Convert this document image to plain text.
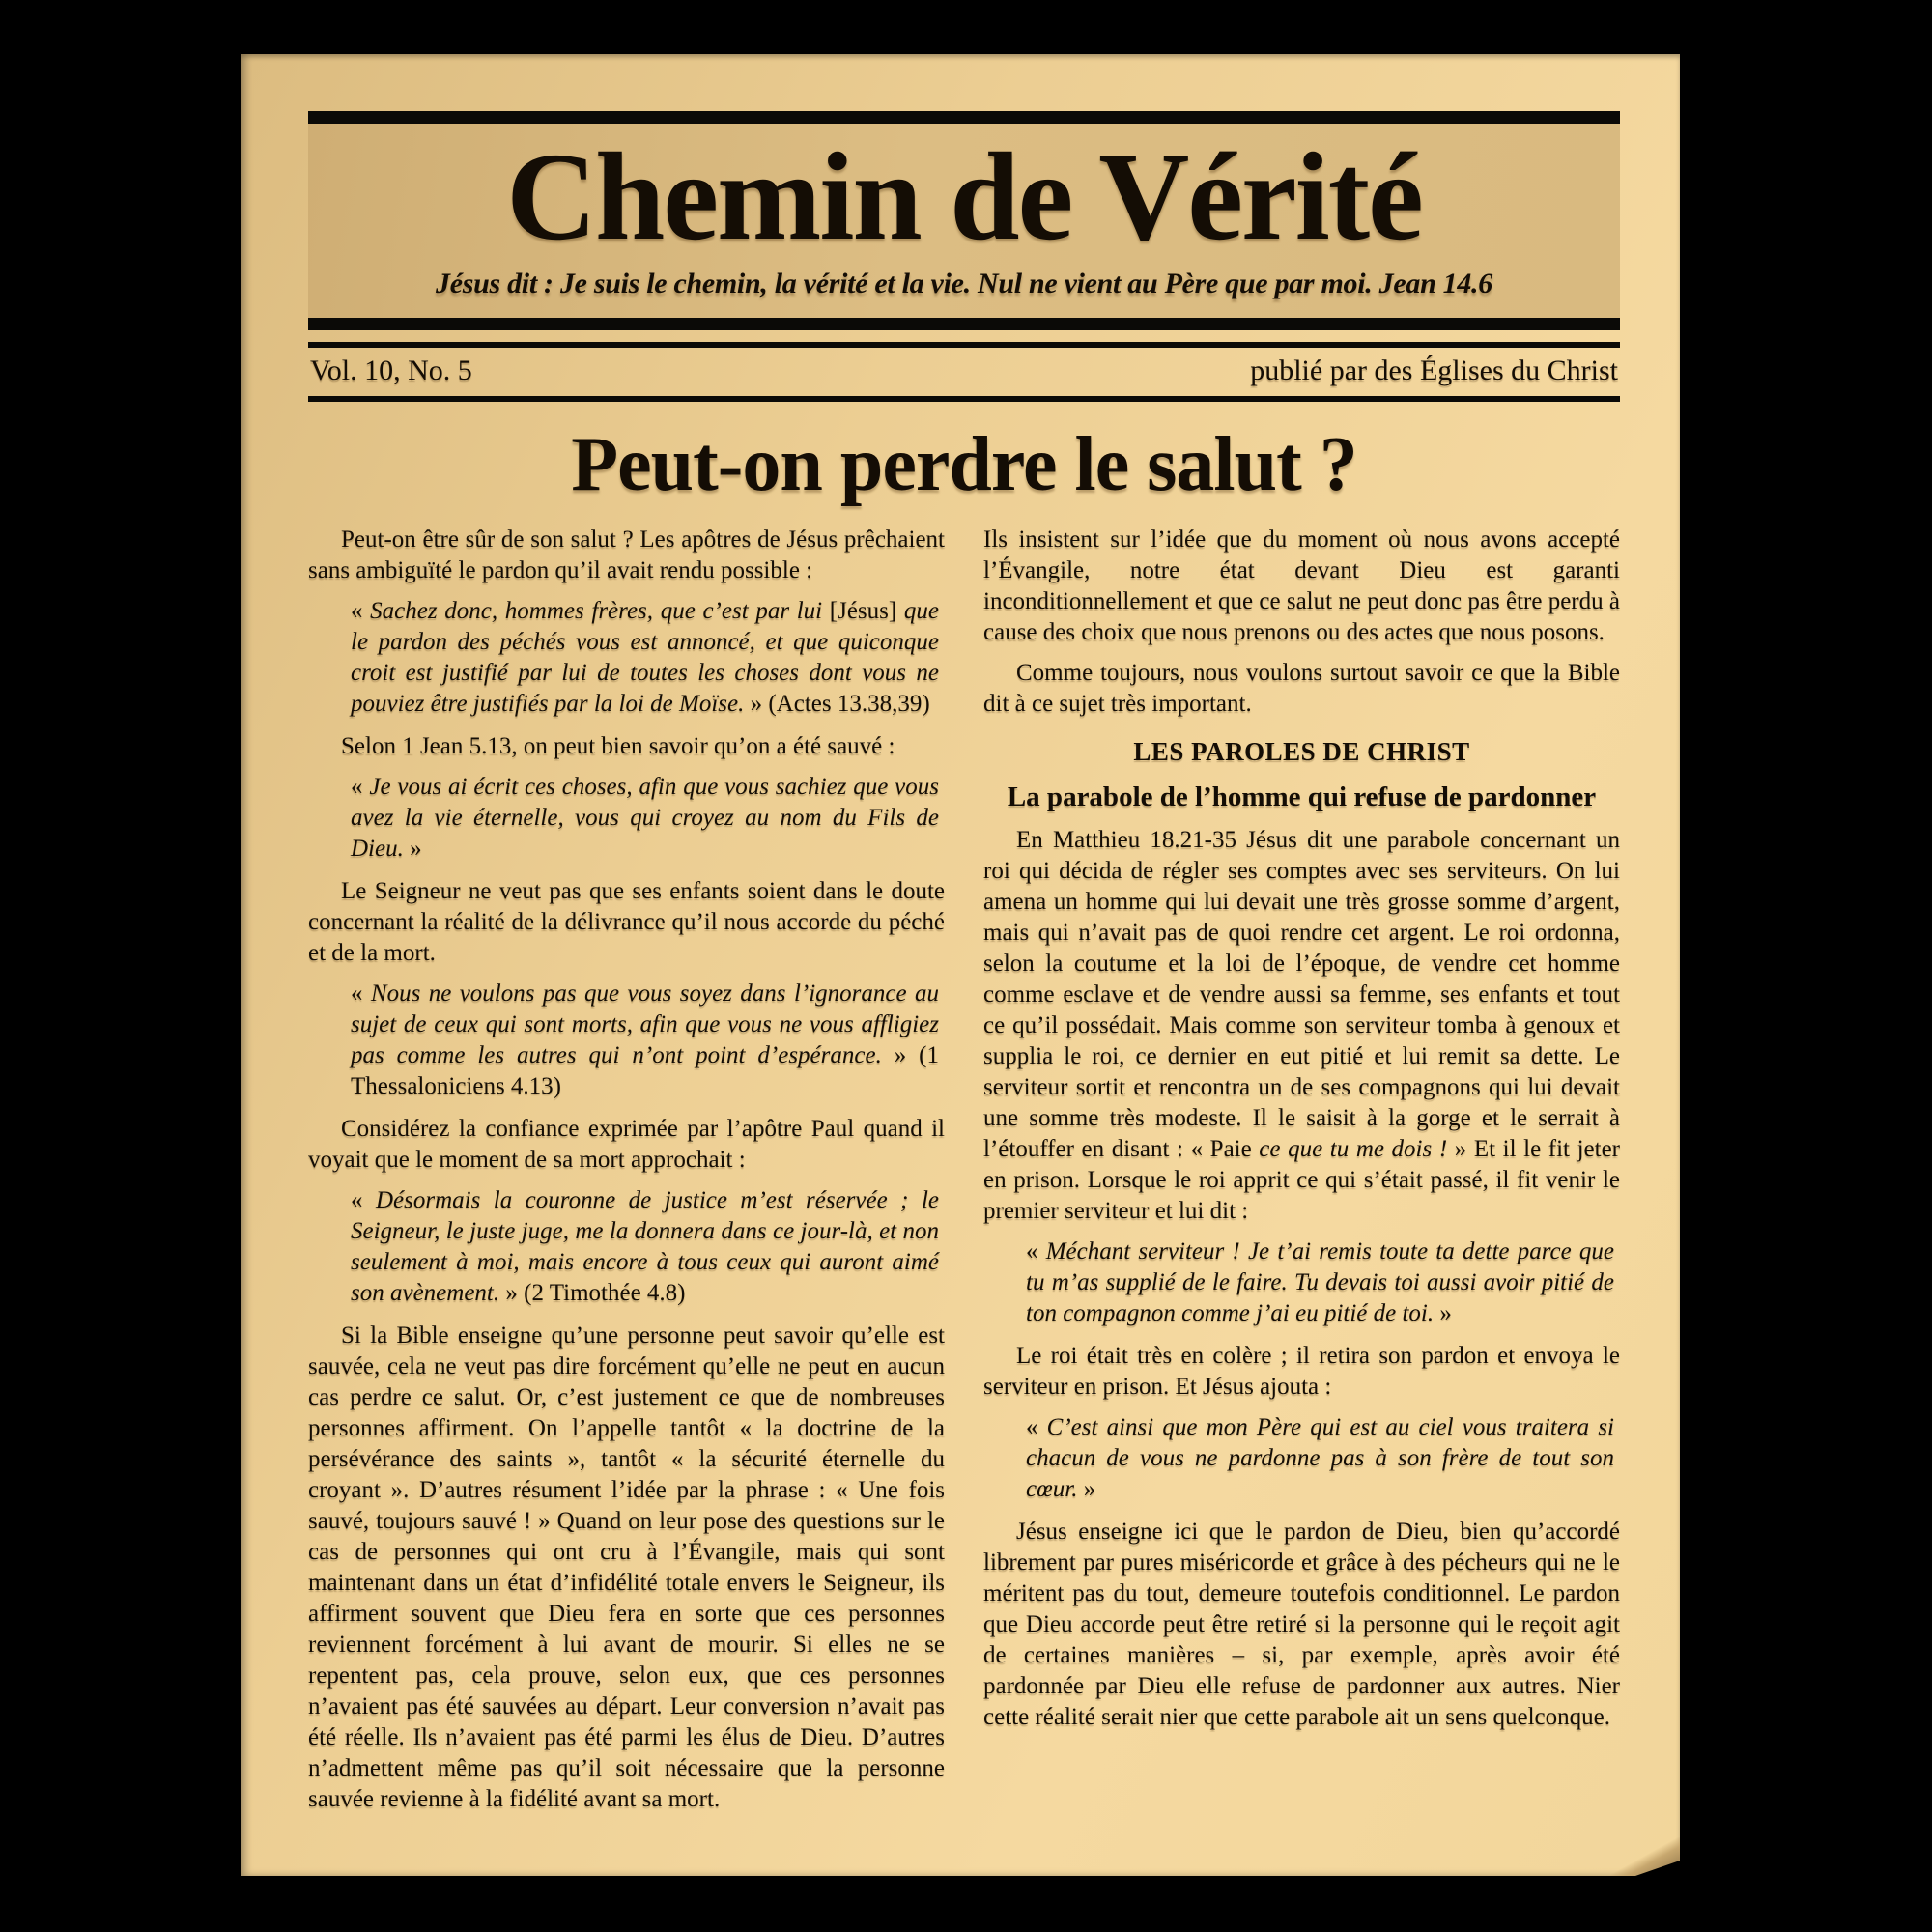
Chemin de Vérité
Jésus dit : Je suis le chemin, la vérité et la vie. Nul ne vient au Père que par moi. Jean 14.6
Vol. 10, No. 5	publié par des Églises du Christ
Peut-on perdre le salut ?
Peut-on être sûr de son salut ? Les apôtres de Jésus prêchaient sans ambiguïté le pardon qu’il avait rendu possible :
« Sachez donc, hommes frères, que c’est par lui [Jésus] que le pardon des péchés vous est annoncé, et que quiconque croit est justifié par lui de toutes les choses dont vous ne pouviez être justifiés par la loi de Moïse. » (Actes 13.38,39)
Selon 1 Jean 5.13, on peut bien savoir qu’on a été sauvé :
« Je vous ai écrit ces choses, afin que vous sachiez que vous avez la vie éternelle, vous qui croyez au nom du Fils de Dieu. »
Le Seigneur ne veut pas que ses enfants soient dans le doute concernant la réalité de la délivrance qu’il nous accorde du péché et de la mort.
« Nous ne voulons pas que vous soyez dans l’ignorance au sujet de ceux qui sont morts, afin que vous ne vous affligiez pas comme les autres qui n’ont point d’espérance. » (1 Thessaloniciens 4.13)
Considérez la confiance exprimée par l’apôtre Paul quand il voyait que le moment de sa mort approchait :
« Désormais la couronne de justice m’est réservée ; le Seigneur, le juste juge, me la donnera dans ce jour-là, et non seulement à moi, mais encore à tous ceux qui auront aimé son avènement. » (2 Timothée 4.8)
Si la Bible enseigne qu’une personne peut savoir qu’elle est sauvée, cela ne veut pas dire forcément qu’elle ne peut en aucun cas perdre ce salut. Or, c’est justement ce que de nombreuses personnes affirment. On l’appelle tantôt « la doctrine de la persévérance des saints », tantôt « la sécurité éternelle du croyant ». D’autres résument l’idée par la phrase : « Une fois sauvé, toujours sauvé ! » Quand on leur pose des questions sur le cas de personnes qui ont cru à l’Évangile, mais qui sont maintenant dans un état d’infidélité totale envers le Seigneur, ils affirment souvent que Dieu fera en sorte que ces personnes reviennent forcément à lui avant de mourir. Si elles ne se repentent pas, cela prouve, selon eux, que ces personnes n’avaient pas été sauvées au départ. Leur conversion n’avait pas été réelle. Ils n’avaient pas été parmi les élus de Dieu. D’autres n’admettent même pas qu’il soit nécessaire que la personne sauvée revienne à la fidélité avant sa mort.
Ils insistent sur l’idée que du moment où nous avons accepté l’Évangile, notre état devant Dieu est garanti inconditionnellement et que ce salut ne peut donc pas être perdu à cause des choix que nous prenons ou des actes que nous posons.
Comme toujours, nous voulons surtout savoir ce que la Bible dit à ce sujet très important.
LES PAROLES DE CHRIST
La parabole de l’homme qui refuse de pardonner
En Matthieu 18.21-35 Jésus dit une parabole concernant un roi qui décida de régler ses comptes avec ses serviteurs. On lui amena un homme qui lui devait une très grosse somme d’argent, mais qui n’avait pas de quoi rendre cet argent. Le roi ordonna, selon la coutume et la loi de l’époque, de vendre cet homme comme esclave et de vendre aussi sa femme, ses enfants et tout ce qu’il possédait. Mais comme son serviteur tomba à genoux et supplia le roi, ce dernier en eut pitié et lui remit sa dette. Le serviteur sortit et rencontra un de ses compagnons qui lui devait une somme très modeste. Il le saisit à la gorge et le serrait à l’étouffer en disant : « Paie ce que tu me dois ! » Et il le fit jeter en prison. Lorsque le roi apprit ce qui s’était passé, il fit venir le premier serviteur et lui dit :
« Méchant serviteur ! Je t’ai remis toute ta dette parce que tu m’as supplié de le faire. Tu devais toi aussi avoir pitié de ton compagnon comme j’ai eu pitié de toi. »
Le roi était très en colère ; il retira son pardon et envoya le serviteur en prison. Et Jésus ajouta :
« C’est ainsi que mon Père qui est au ciel vous traitera si chacun de vous ne pardonne pas à son frère de tout son cœur. »
Jésus enseigne ici que le pardon de Dieu, bien qu’accordé librement par pures miséricorde et grâce à des pécheurs qui ne le méritent pas du tout, demeure toutefois conditionnel. Le pardon que Dieu accorde peut être retiré si la personne qui le reçoit agit de certaines manières – si, par exemple, après avoir été pardonnée par Dieu elle refuse de pardonner aux autres. Nier cette réalité serait nier que cette parabole ait un sens quelconque.
